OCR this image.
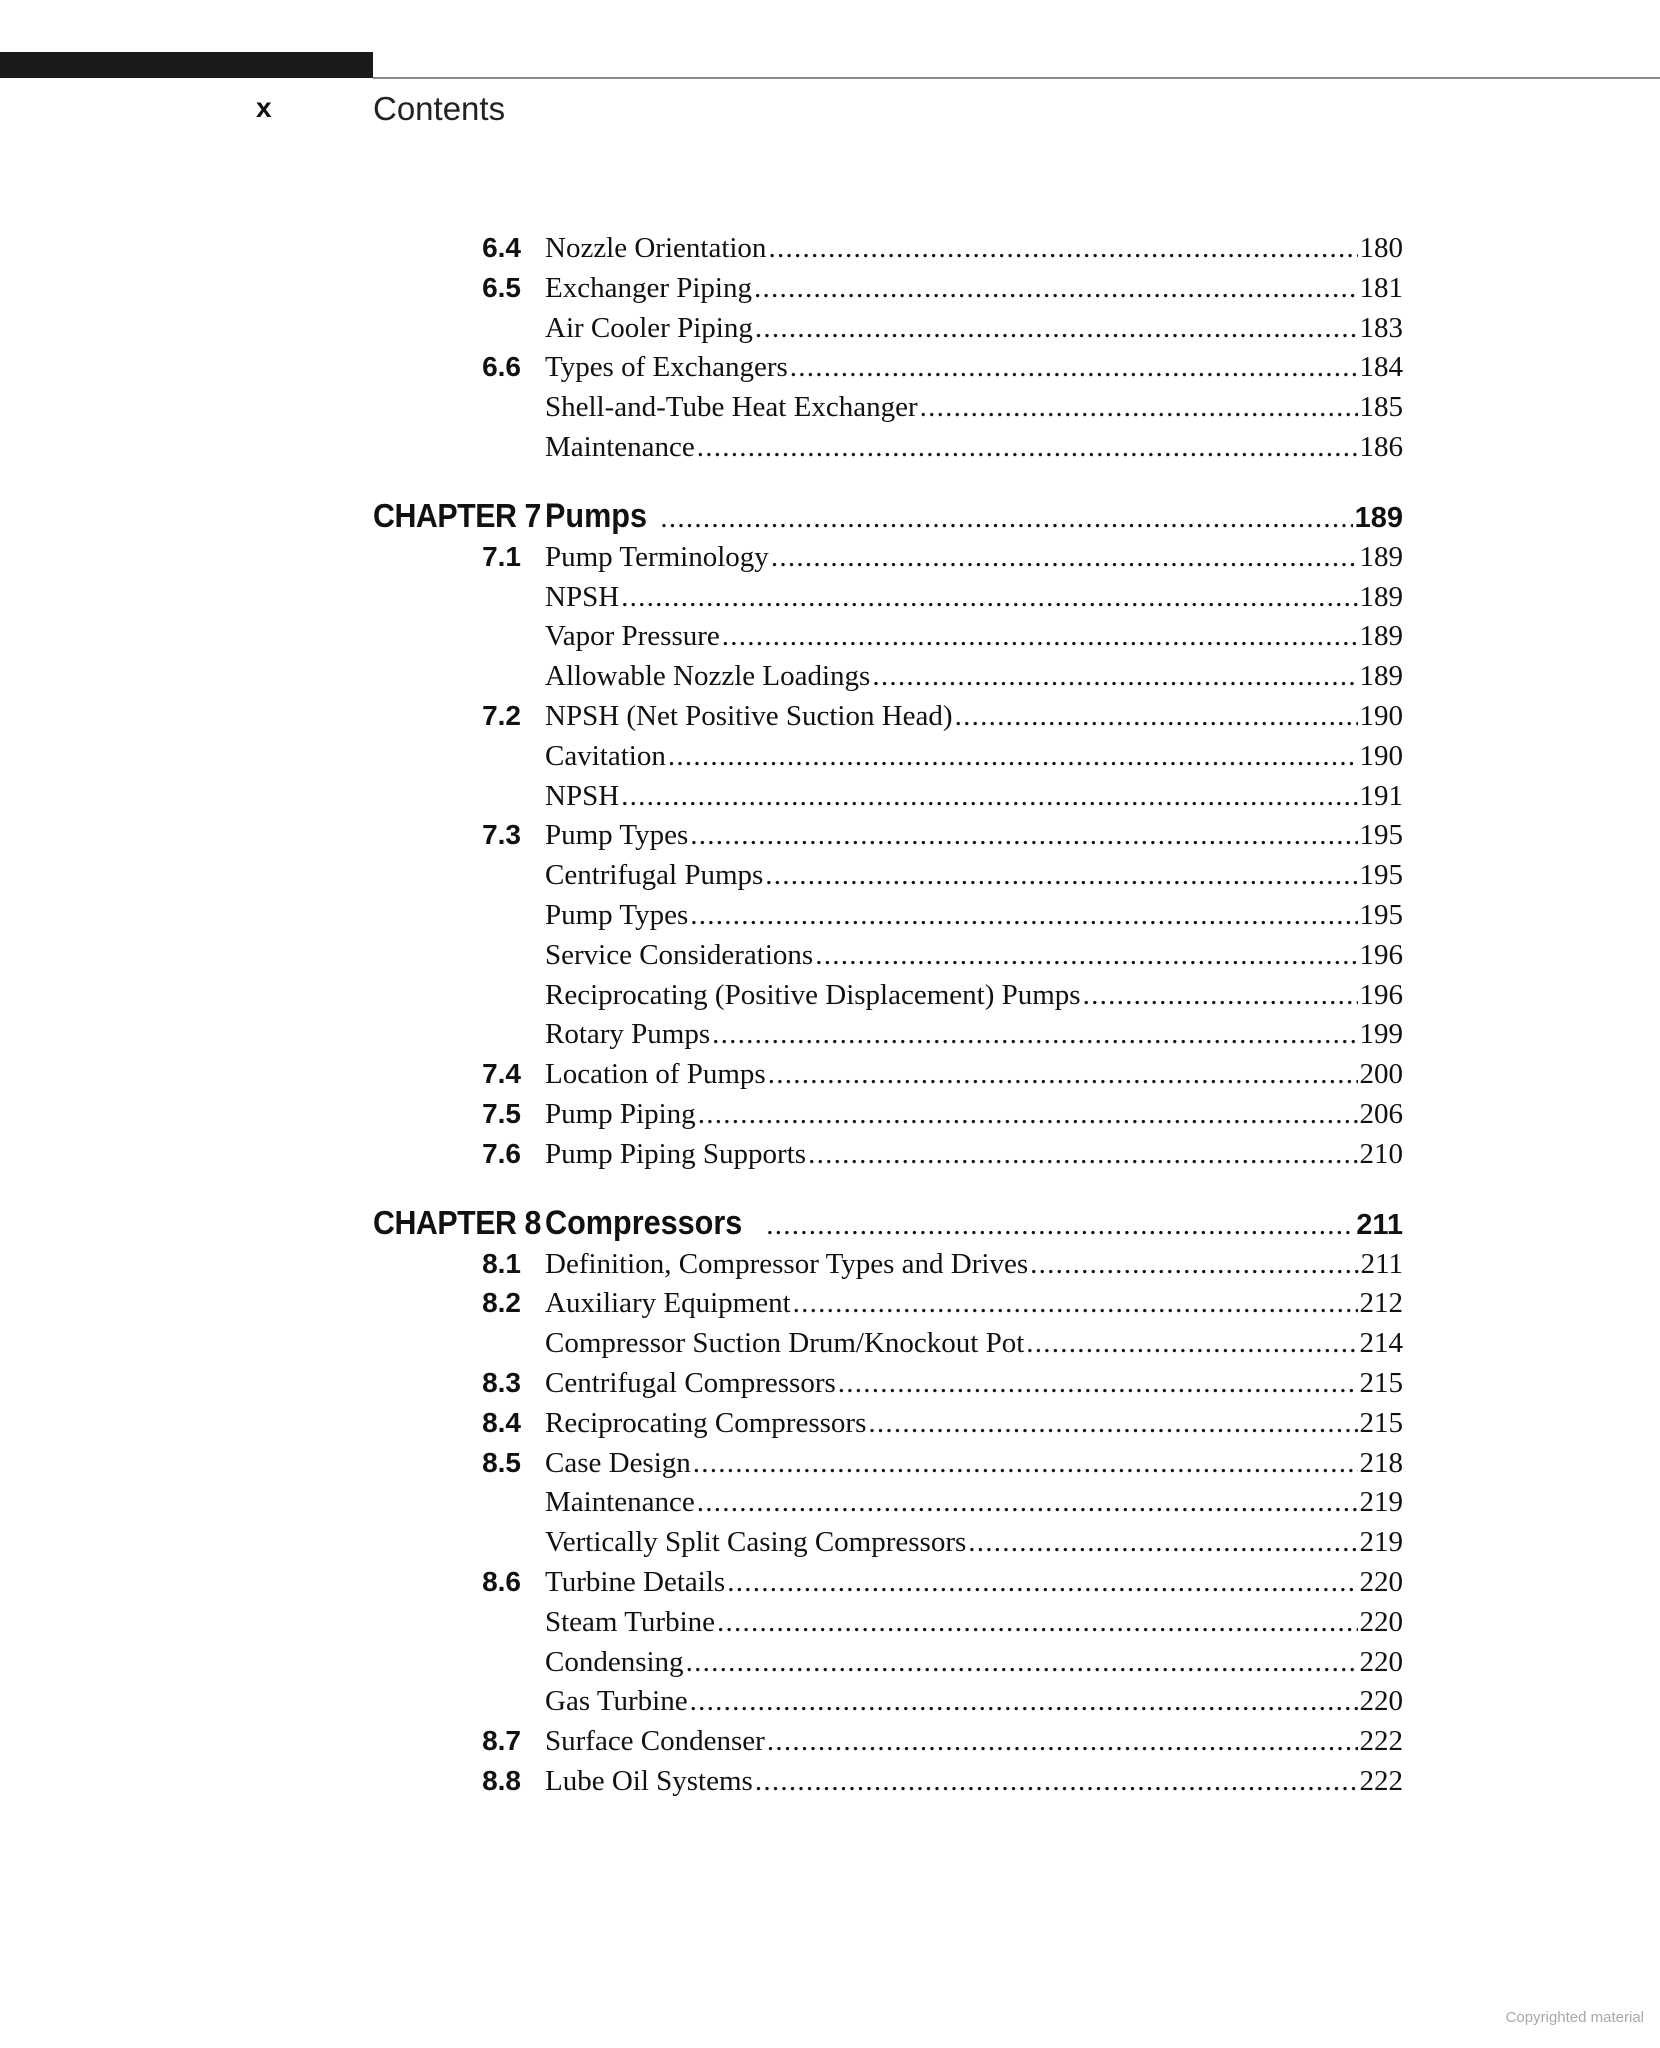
x	Contents
6.4 Nozzle Orientation . . .	180
6.5 Exchanger Piping . . .	181
Air Cooler Piping . . .	183
6.6 Types of Exchangers . . .	184
Shell-and-Tube Heat Exchanger . . .	185
Maintenance . . .	186
CHAPTER 7 Pumps . . .	189
7.1 Pump Terminology . . .	189
NPSH . . .	189
Vapor Pressure . . .	189
Allowable Nozzle Loadings . . .	189
7.2 NPSH (Net Positive Suction Head) . . .	190
Cavitation . . .	190
NPSH . . .	191
7.3 Pump Types . . .	195
Centrifugal Pumps . . .	195
Pump Types . . .	195
Service Considerations . . .	196
Reciprocating (Positive Displacement) Pumps . . .	196
Rotary Pumps . . .	199
7.4 Location of Pumps . . .	200
7.5 Pump Piping . . .	206
7.6 Pump Piping Supports . . .	210
CHAPTER 8 Compressors . . .	211
8.1 Definition, Compressor Types and Drives . . .	211
8.2 Auxiliary Equipment . . .	212
Compressor Suction Drum/Knockout Pot . . .	214
8.3 Centrifugal Compressors . . .	215
8.4 Reciprocating Compressors . . .	215
8.5 Case Design . . .	218
Maintenance . . .	219
Vertically Split Casing Compressors . . .	219
8.6 Turbine Details . . .	220
Steam Turbine . . .	220
Condensing . . .	220
Gas Turbine . . .	220
8.7 Surface Condenser . . .	222
8.8 Lube Oil Systems . . .	222
Copyrighted material
